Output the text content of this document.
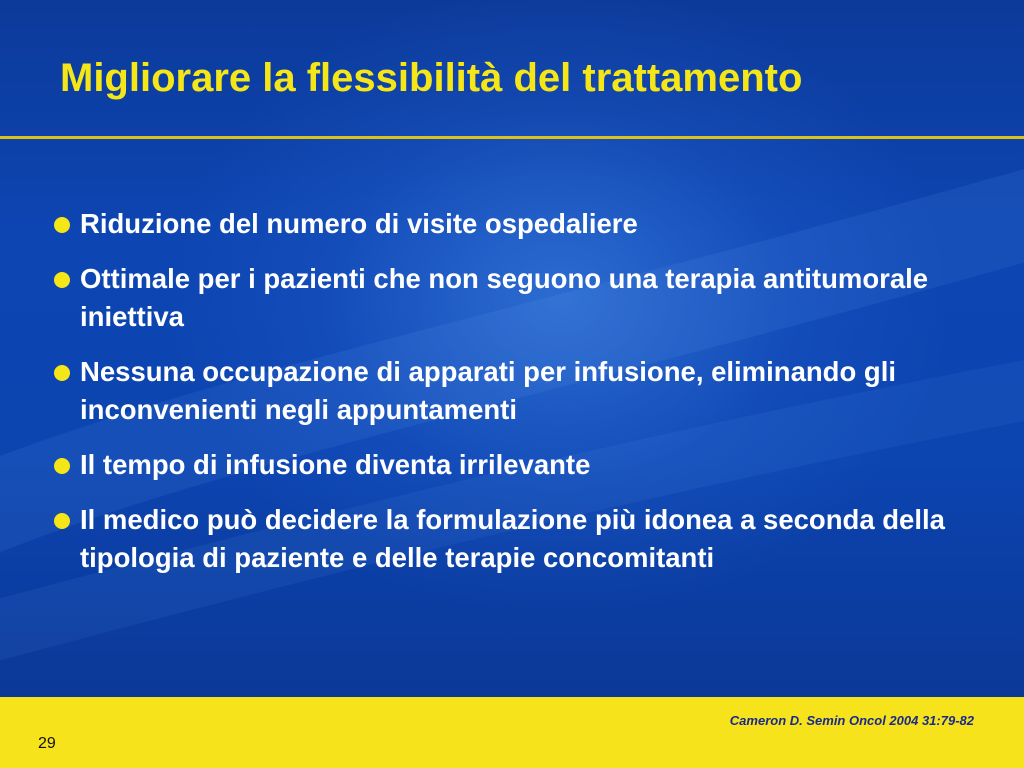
Migliorare la flessibilità del trattamento
Riduzione del numero di visite ospedaliere
Ottimale per i pazienti che non seguono una terapia antitumorale iniettiva
Nessuna occupazione di apparati per infusione, eliminando gli inconvenienti negli appuntamenti
Il tempo di infusione diventa irrilevante
Il medico può decidere la formulazione più idonea a seconda della tipologia di paziente e delle terapie concomitanti
Cameron D. Semin Oncol 2004 31:79-82
29
